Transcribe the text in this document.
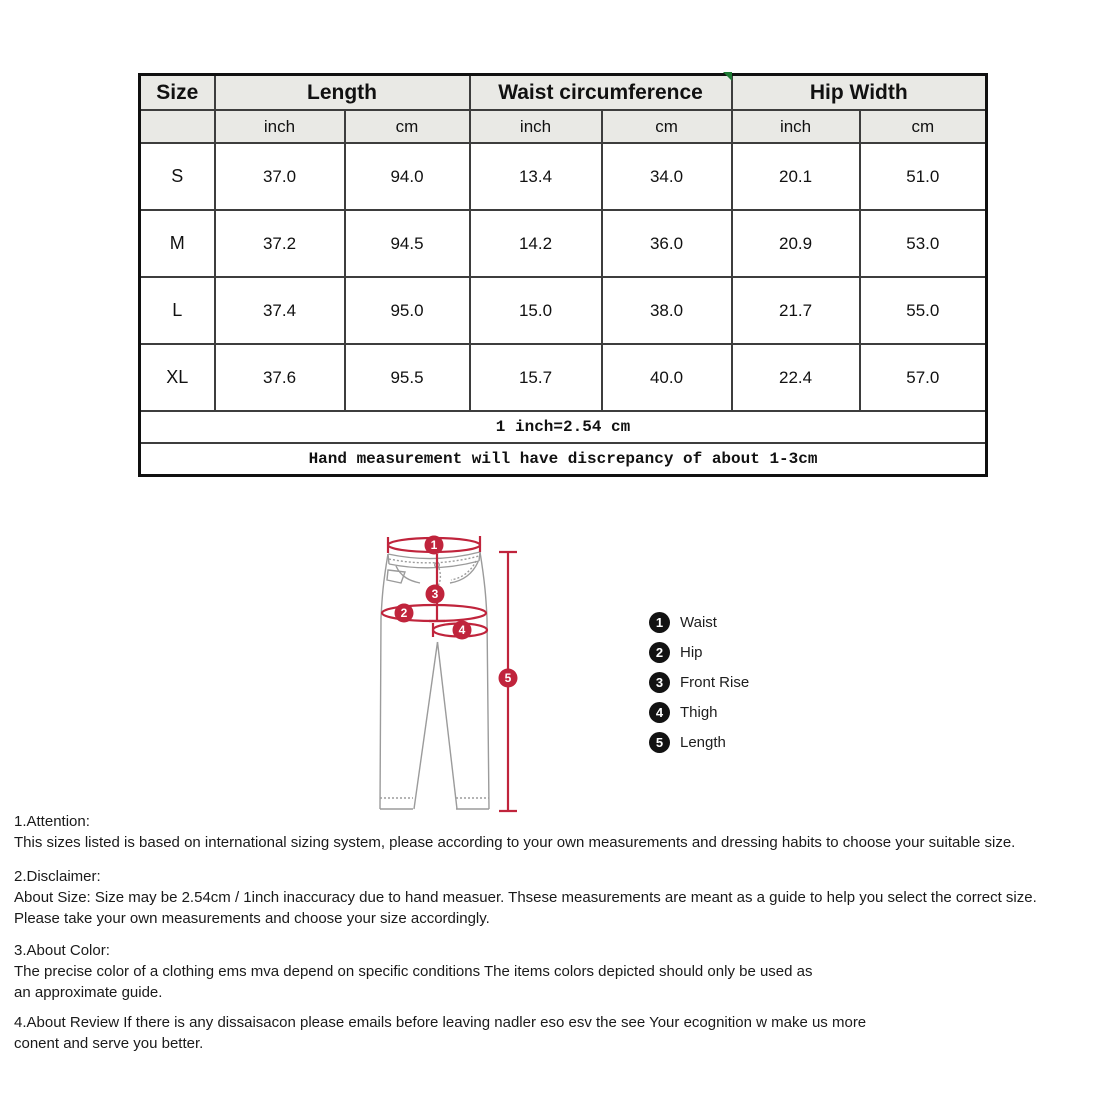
Size	Length		Waist circumference		Hip Width	
	inch	cm	inch	cm	inch	cm
S	37.0	94.0	13.4	34.0	20.1	51.0
M	37.2	94.5	14.2	36.0	20.9	53.0
L	37.4	95.0	15.0	38.0	21.7	55.0
XL	37.6	95.5	15.7	40.0	22.4	57.0
1 inch=2.54 cm						
Hand measurement will have discrepancy of about 1-3cm						
1
2
3
4
5
1	Waist
2	Hip
3	Front Rise
4	Thigh
5	Length
1.Attention:
This sizes listed is based on international sizing system, please according to your own measurements and dressing habits to choose your suitable size.
2.Disclaimer:
About Size: Size may be 2.54cm / 1inch inaccuracy due to hand measuer. Thsese measurements are meant as a guide to help you select the correct size.
Please take your own measurements and choose your size accordingly.
3.About Color:
The precise color of a clothing ems mva depend on specific conditions The items colors depicted should only be used as
an approximate guide.
4.About Review If there is any dissaisacon please emails before leaving nadler eso esv the see Your ecognition w make us more
conent and serve you better.
